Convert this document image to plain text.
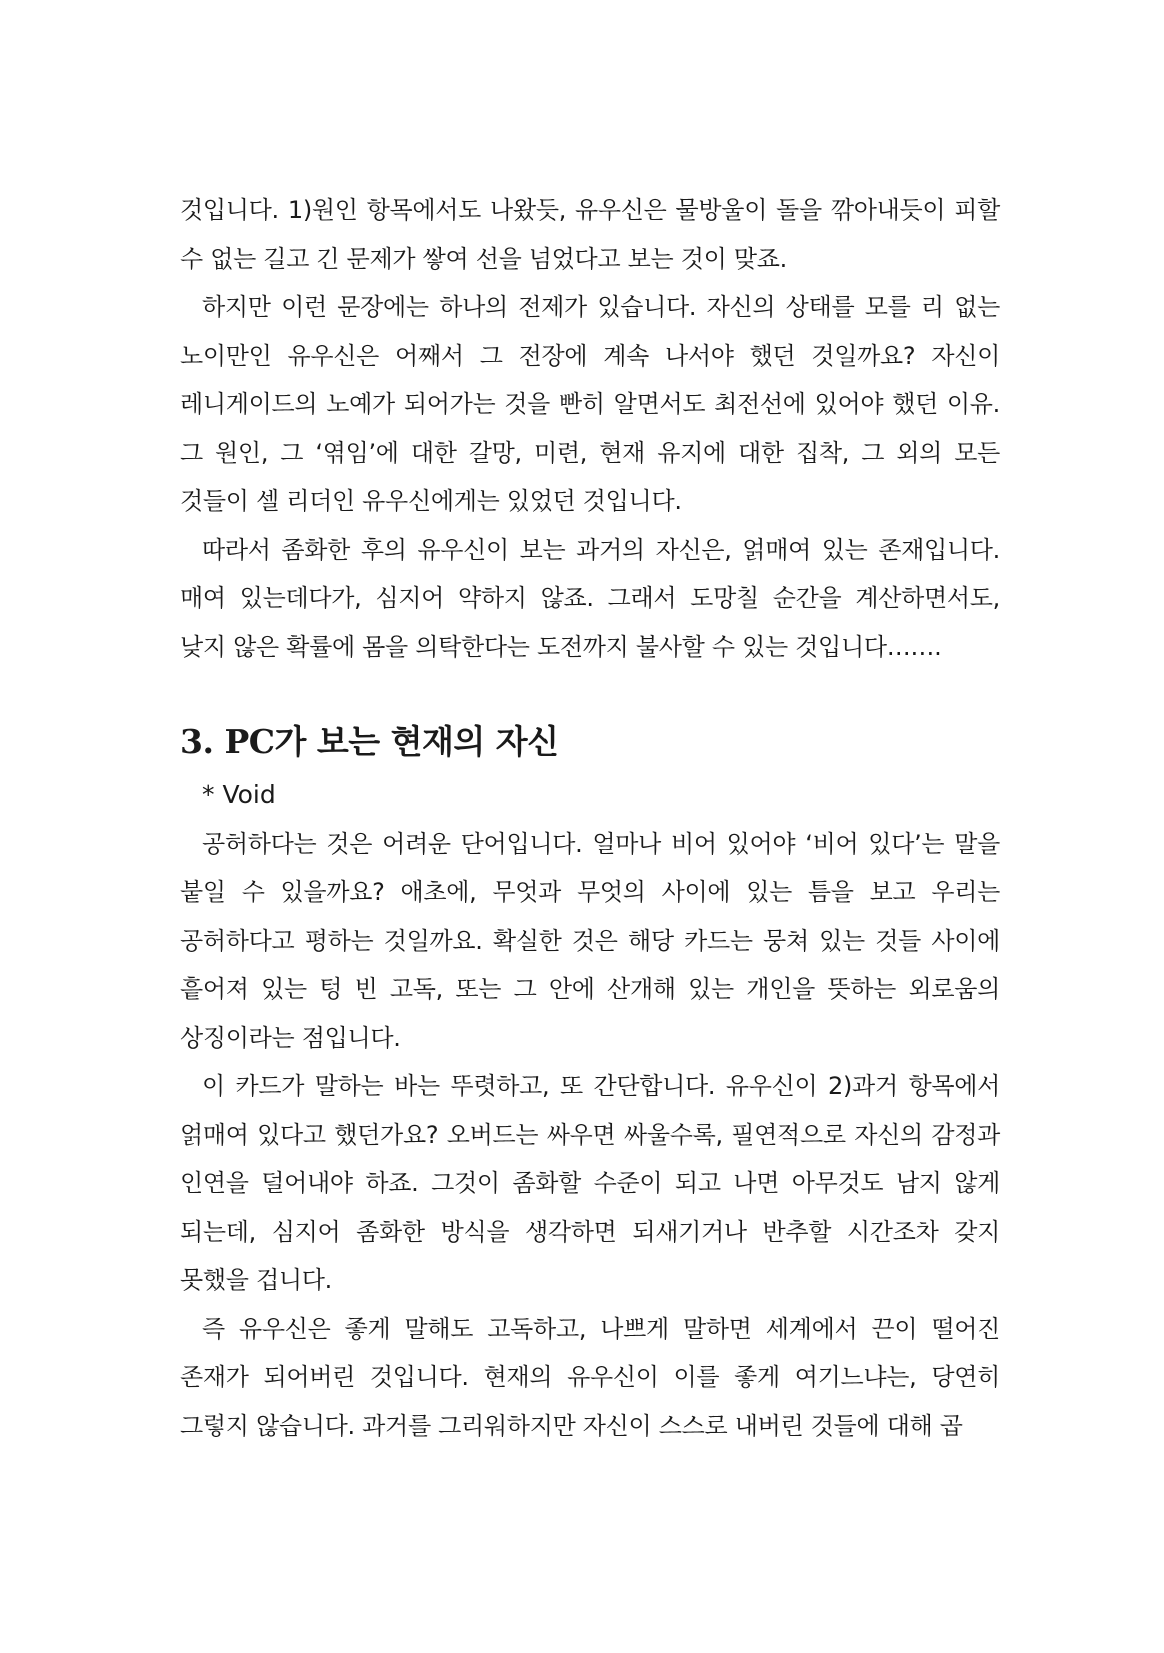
것입니다. 1)원인 항목에서도 나왔듯, 유우신은 물방울이 돌을 깎아내듯이 피할 수 없는 길고 긴 문제가 쌓여 선을 넘었다고 보는 것이 맞죠.

하지만 이런 문장에는 하나의 전제가 있습니다. 자신의 상태를 모를 리 없는 노이만인 유우신은 어째서 그 전장에 계속 나서야 했던 것일까요? 자신이 레니게이드의 노예가 되어가는 것을 빤히 알면서도 최전선에 있어야 했던 이유. 그 원인, 그 ‘엮임’에 대한 갈망, 미련, 현재 유지에 대한 집착, 그 외의 모든 것들이 셀 리더인 유우신에게는 있었던 것입니다.

따라서 좀화한 후의 유우신이 보는 과거의 자신은, 얽매여 있는 존재입니다. 매여 있는데다가, 심지어 약하지 않죠. 그래서 도망칠 순간을 계산하면서도, 낮지 않은 확률에 몸을 의탁한다는 도전까지 불사할 수 있는 것입니다…….

3. PC가 보는 현재의 자신

* Void

공허하다는 것은 어려운 단어입니다. 얼마나 비어 있어야 ‘비어 있다’는 말을 붙일 수 있을까요? 애초에, 무엇과 무엇의 사이에 있는 틈을 보고 우리는 공허하다고 평하는 것일까요. 확실한 것은 해당 카드는 뭉쳐 있는 것들 사이에 흩어져 있는 텅 빈 고독, 또는 그 안에 산개해 있는 개인을 뜻하는 외로움의 상징이라는 점입니다.

이 카드가 말하는 바는 뚜렷하고, 또 간단합니다. 유우신이 2)과거 항목에서 얽매여 있다고 했던가요? 오버드는 싸우면 싸울수록, 필연적으로 자신의 감정과 인연을 덜어내야 하죠. 그것이 좀화할 수준이 되고 나면 아무것도 남지 않게 되는데, 심지어 좀화한 방식을 생각하면 되새기거나 반추할 시간조차 갖지 못했을 겁니다.

즉 유우신은 좋게 말해도 고독하고, 나쁘게 말하면 세계에서 끈이 떨어진 존재가 되어버린 것입니다. 현재의 유우신이 이를 좋게 여기느냐는, 당연히 그렇지 않습니다. 과거를 그리워하지만 자신이 스스로 내버린 것들에 대해 곱
